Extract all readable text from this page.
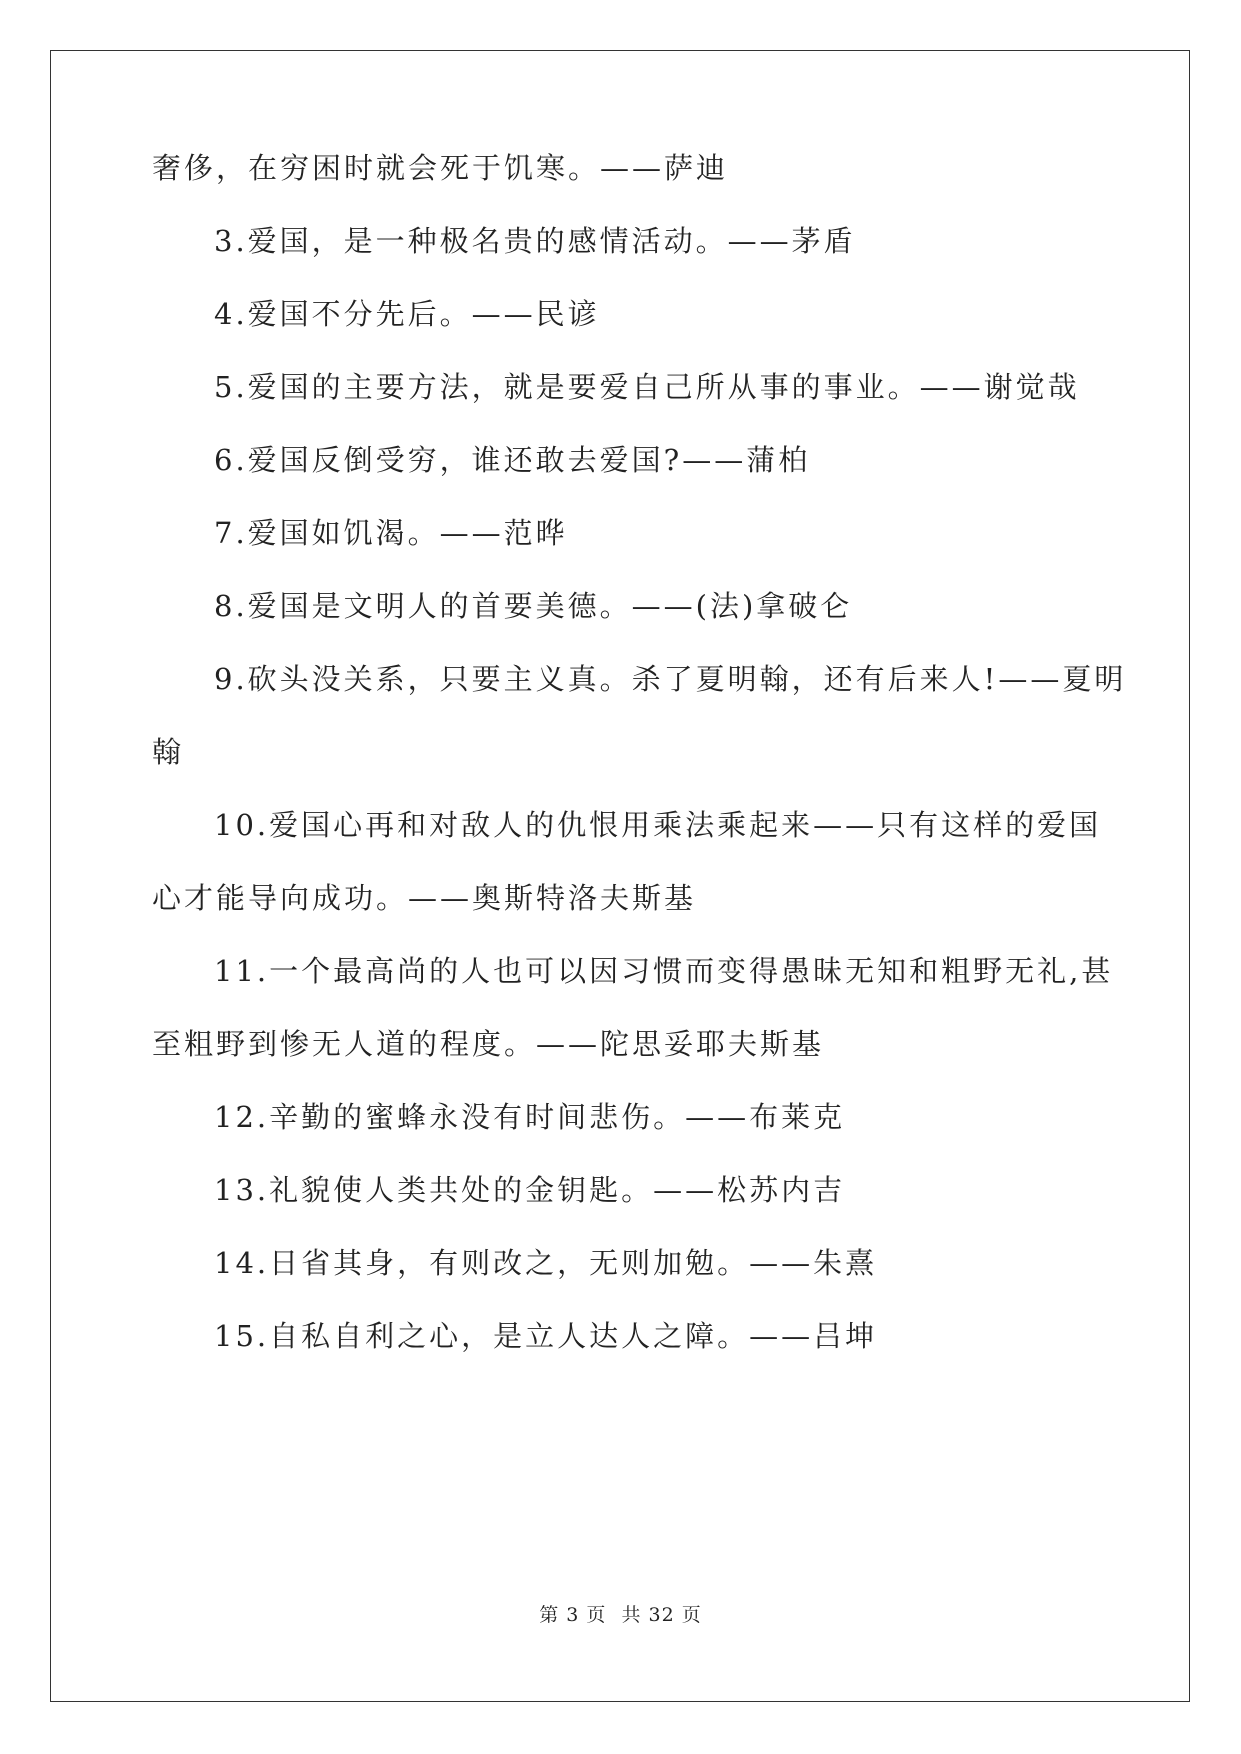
奢侈，在穷困时就会死于饥寒。——萨迪
3.爱国，是一种极名贵的感情活动。——茅盾
4.爱国不分先后。——民谚
5.爱国的主要方法，就是要爱自己所从事的事业。——谢觉哉
6.爱国反倒受穷，谁还敢去爱国?——蒲柏
7.爱国如饥渴。——范晔
8.爱国是文明人的首要美德。——(法)拿破仑
9.砍头没关系，只要主义真。杀了夏明翰，还有后来人!——夏明
翰
10.爱国心再和对敌人的仇恨用乘法乘起来——只有这样的爱国
心才能导向成功。——奥斯特洛夫斯基
11.一个最高尚的人也可以因习惯而变得愚昧无知和粗野无礼,甚
至粗野到惨无人道的程度。——陀思妥耶夫斯基
12.辛勤的蜜蜂永没有时间悲伤。——布莱克
13.礼貌使人类共处的金钥匙。——松苏内吉
14.日省其身，有则改之，无则加勉。——朱熹
15.自私自利之心，是立人达人之障。——吕坤
第 3 页 共 32 页
